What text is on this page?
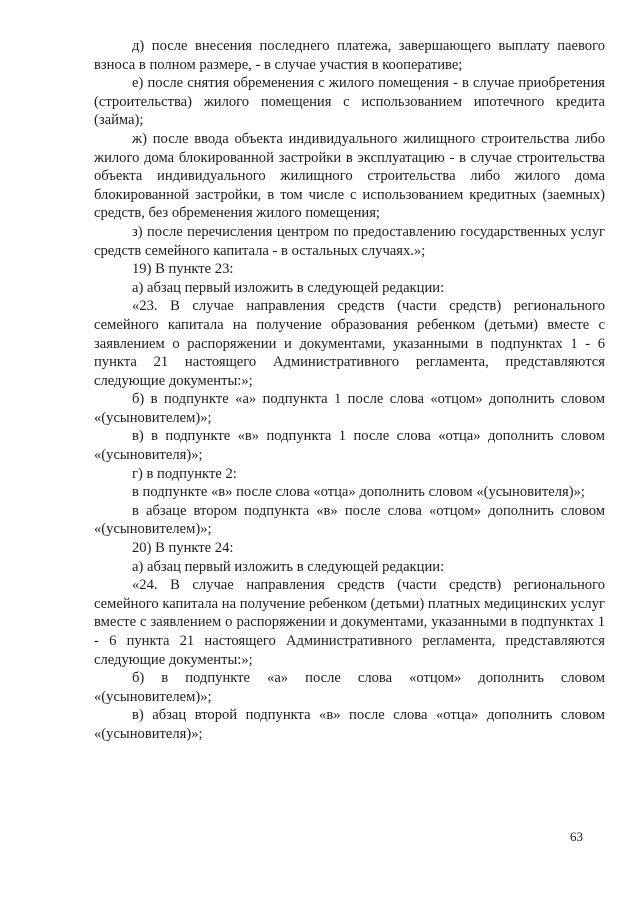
д) после внесения последнего платежа, завершающего выплату паевого взноса в полном размере, - в случае участия в кооперативе;

е) после снятия обременения с жилого помещения - в случае приобретения (строительства) жилого помещения с использованием ипотечного кредита (займа);

ж) после ввода объекта индивидуального жилищного строительства либо жилого дома блокированной застройки в эксплуатацию - в случае строительства объекта индивидуального жилищного строительства либо жилого дома блокированной застройки, в том числе с использованием кредитных (заемных) средств, без обременения жилого помещения;

з) после перечисления центром по предоставлению государственных услуг средств семейного капитала - в остальных случаях.»;

19) В пункте 23:

а) абзац первый изложить в следующей редакции:

«23. В случае направления средств (части средств) регионального семейного капитала на получение образования ребенком (детьми) вместе с заявлением о распоряжении и документами, указанными в подпунктах 1 - 6 пункта 21 настоящего Административного регламента, представляются следующие документы:»;

б) в подпункте «а» подпункта 1 после слова «отцом» дополнить словом «(усыновителем)»;

в) в подпункте «в» подпункта 1 после слова «отца» дополнить словом «(усыновителя)»;

г) в подпункте 2:

в подпункте «в» после слова «отца» дополнить словом «(усыновителя)»;

в абзаце втором подпункта «в» после слова «отцом» дополнить словом «(усыновителем)»;

20) В пункте 24:

а) абзац первый изложить в следующей редакции:

«24. В случае направления средств (части средств) регионального семейного капитала на получение ребенком (детьми) платных медицинских услуг вместе с заявлением о распоряжении и документами, указанными в подпунктах 1 - 6 пункта 21 настоящего Административного регламента, представляются следующие документы:»;

б) в подпункте «а» после слова «отцом» дополнить словом «(усыновителем)»;

в) абзац второй подпункта «в» после слова «отца» дополнить словом «(усыновителя)»;

63
